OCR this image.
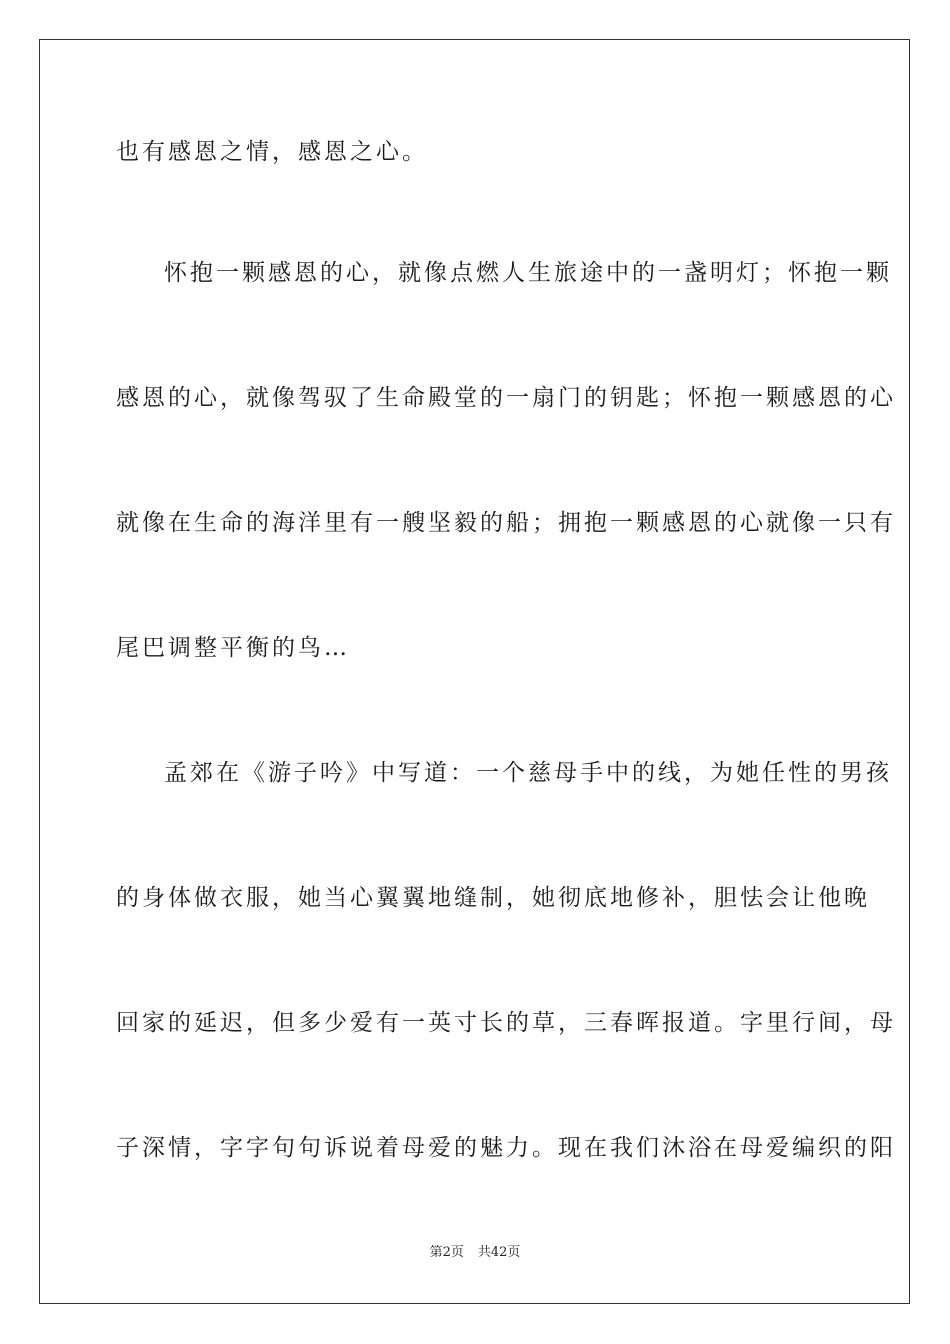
也有感恩之情，感恩之心。
怀抱一颗感恩的心，就像点燃人生旅途中的一盏明灯；怀抱一颗
感恩的心，就像驾驭了生命殿堂的一扇门的钥匙；怀抱一颗感恩的心
就像在生命的海洋里有一艘坚毅的船；拥抱一颗感恩的心就像一只有
尾巴调整平衡的鸟…
孟郊在《游子吟》中写道：一个慈母手中的线，为她任性的男孩
的身体做衣服，她当心翼翼地缝制，她彻底地修补，胆怯会让他晚
回家的延迟，但多少爱有一英寸长的草，三春晖报道。字里行间，母
子深情，字字句句诉说着母爱的魅力。现在我们沐浴在母爱编织的阳
第2页 共42页
